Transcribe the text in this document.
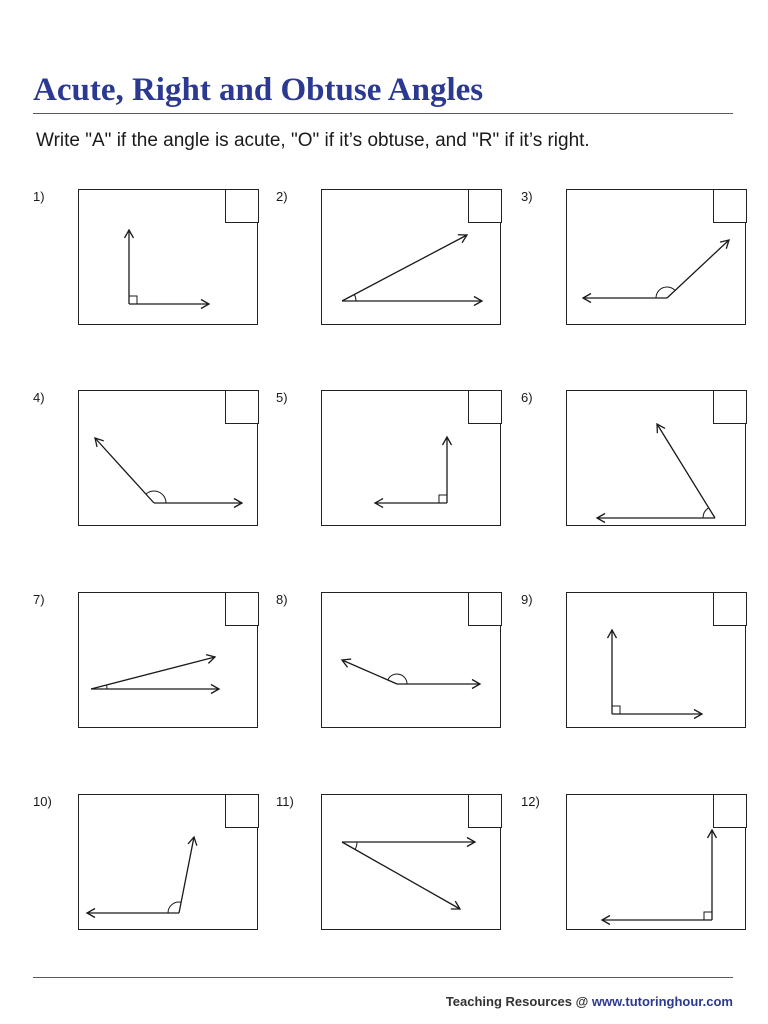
Acute, Right and Obtuse Angles
Write "A" if the angle is acute, "O" if it’s obtuse, and "R" if it’s right.
1)	2)	3)
4)	5)	6)
7)	8)	9)
10)	11)	12)
Teaching Resources @ www.tutoringhour.com
